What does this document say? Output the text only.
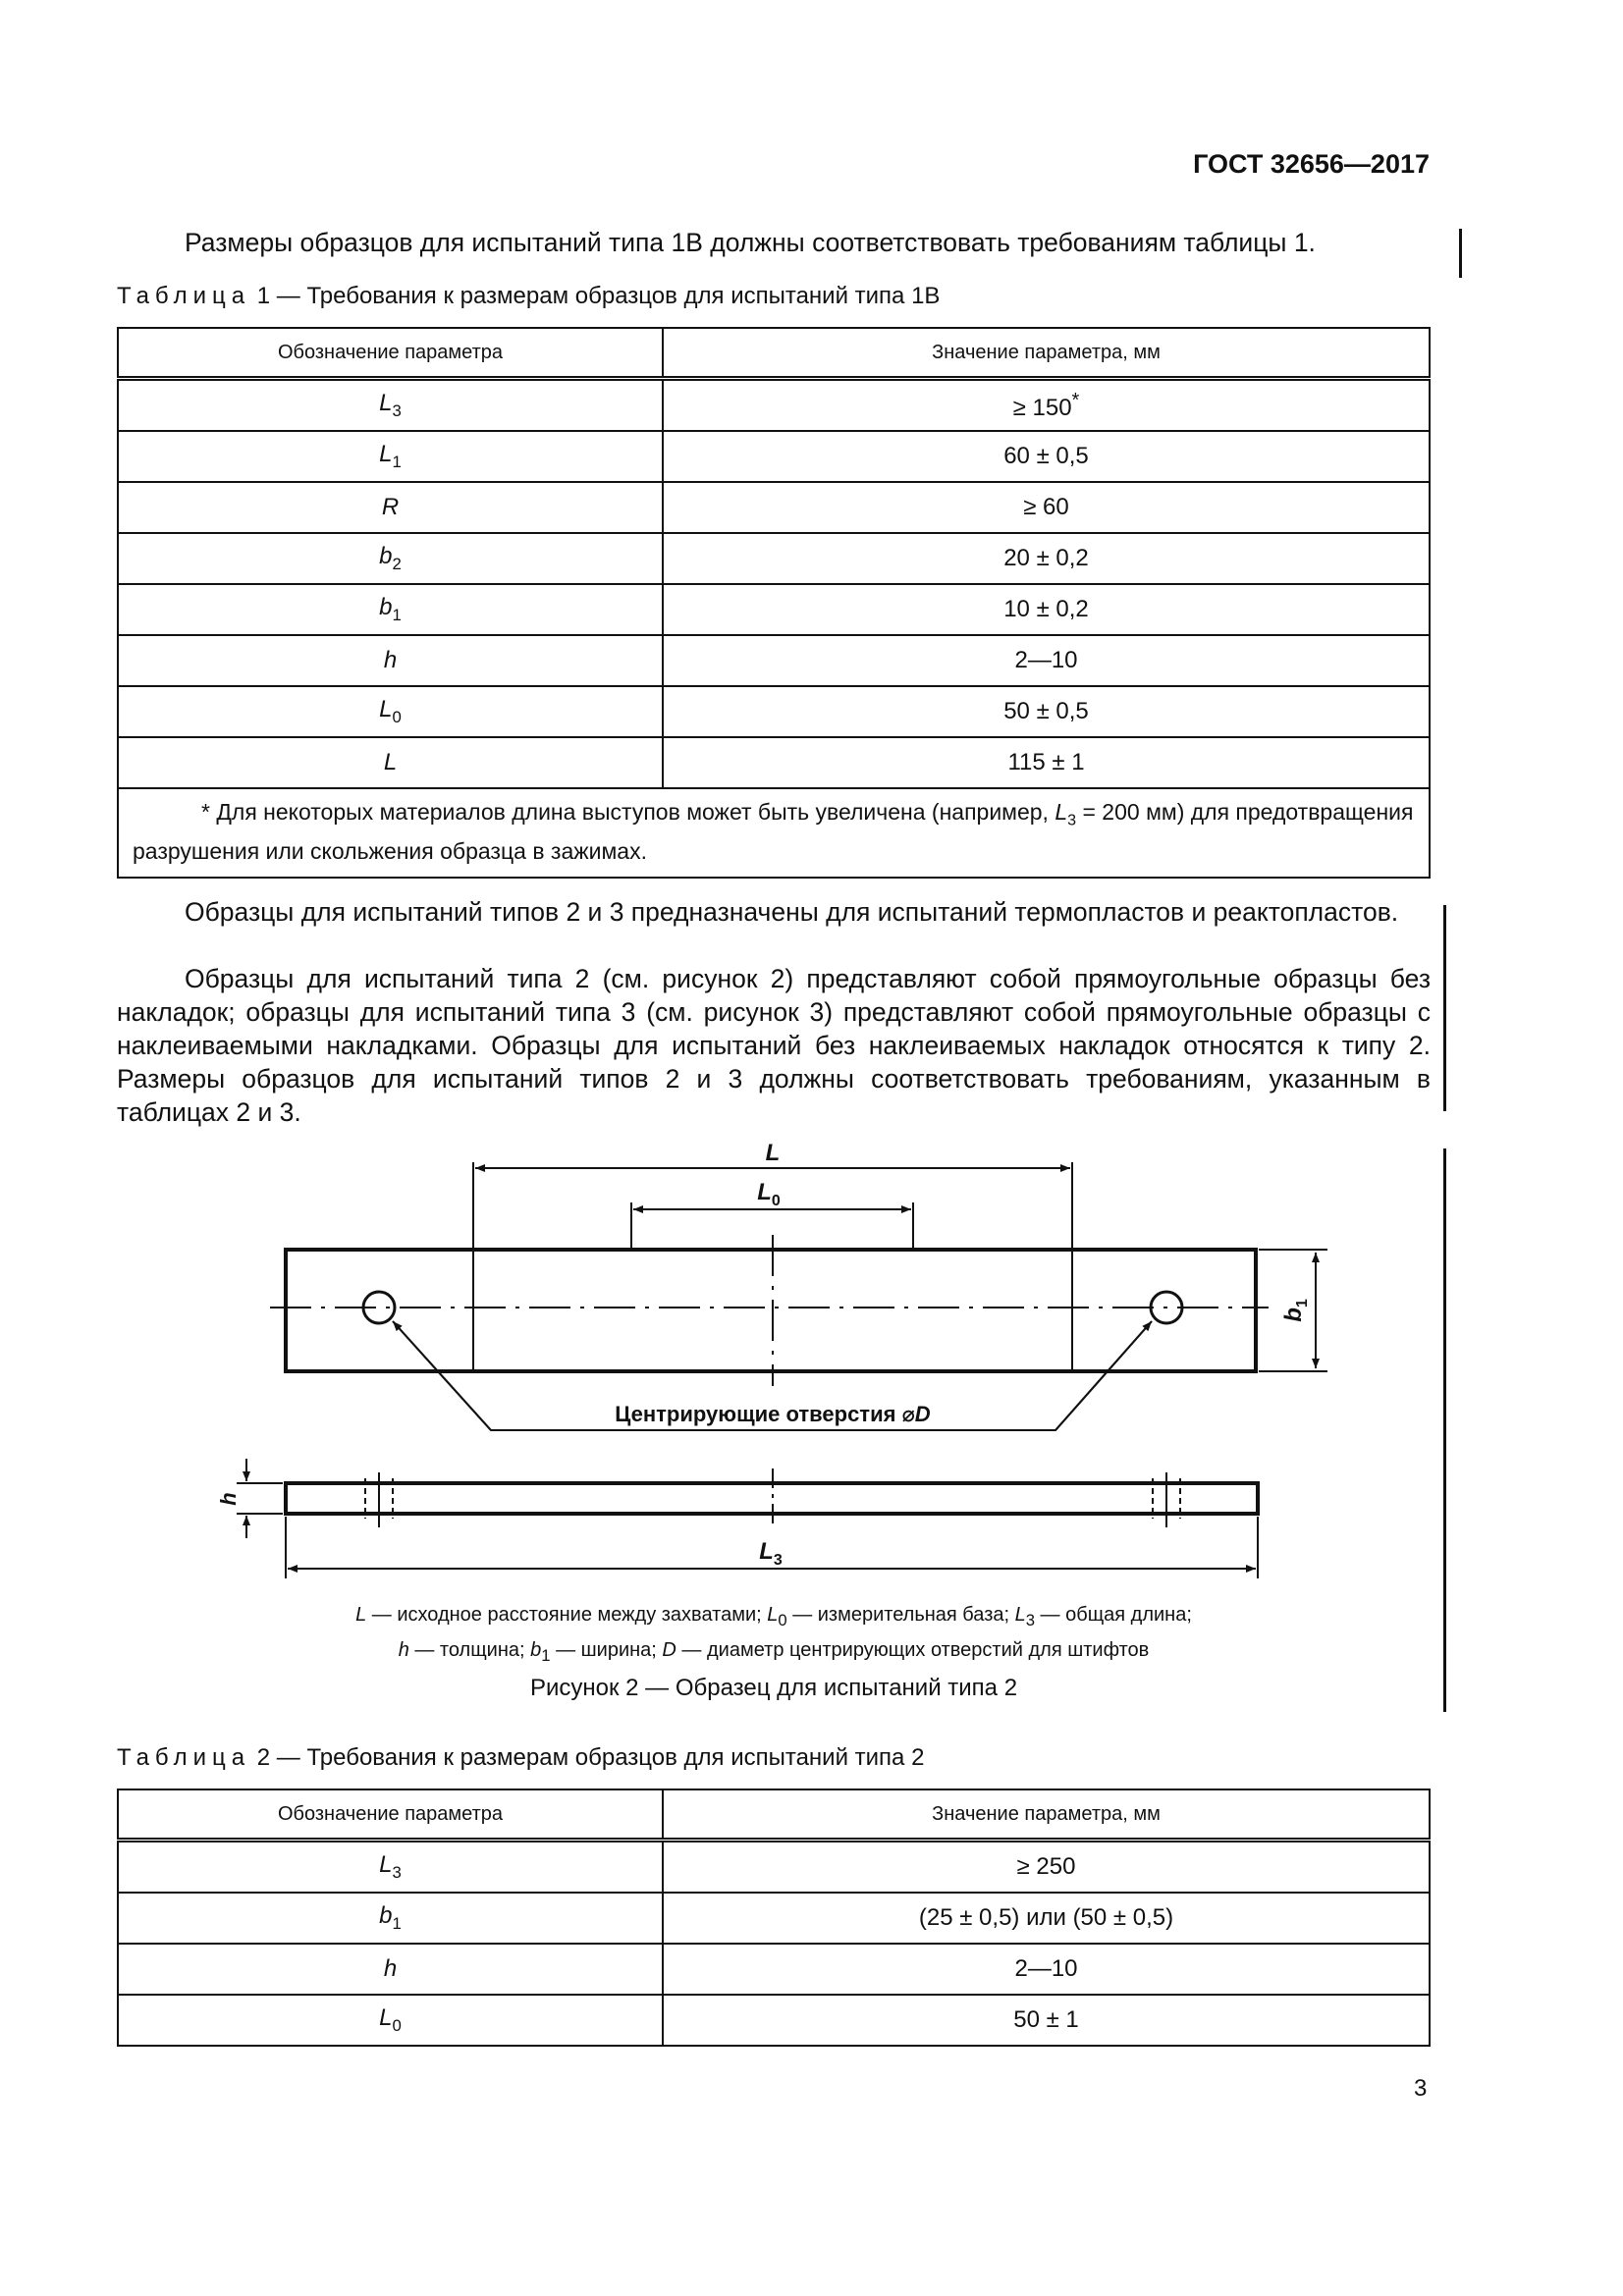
ГОСТ 32656—2017
Размеры образцов для испытаний типа 1В должны соответствовать требованиям таблицы 1.
Таблица 1 — Требования к размерам образцов для испытаний типа 1В
Обозначение параметра	Значение параметра, мм
$L_3$	≥ 150*
$L_1$	60 ± 0,5
R	≥ 60
$b_2$	20 ± 0,2
$b_1$	10 ± 0,2
h	2—10
$L_0$	50 ± 0,5
L	115 ± 1
* Для некоторых материалов длина выступов может быть увеличена (например, $L_3 = 200$ мм) для предотвращения разрушения или скольжения образца в зажимах.	
Образцы для испытаний типов 2 и 3 предназначены для испытаний термопластов и реактопластов.
Образцы для испытаний типа 2 (см. рисунок 2) представляют собой прямоугольные образцы без накладок; образцы для испытаний типа 3 (см. рисунок 3) представляют собой прямоугольные образцы с наклеиваемыми накладками. Образцы для испытаний без наклеиваемых накладок относятся к типу 2. Размеры образцов для испытаний типов 2 и 3 должны соответствовать требованиям, указанным в таблицах 2 и 3.
L
$L_0$
$b_1$
Центрирующие отверстия ⌀D
h
$L_3$
L — исходное расстояние между захватами; $L_0$ — измерительная база; $L_3$ — общая длина;
h — толщина; $b_1$ — ширина; D — диаметр центрирующих отверстий для штифтов
Рисунок 2 — Образец для испытаний типа 2
Таблица 2 — Требования к размерам образцов для испытаний типа 2
Обозначение параметра	Значение параметра, мм
$L_3$	≥ 250
$b_1$	(25 ± 0,5) или (50 ± 0,5)
h	2—10
$L_0$	50 ± 1
3
